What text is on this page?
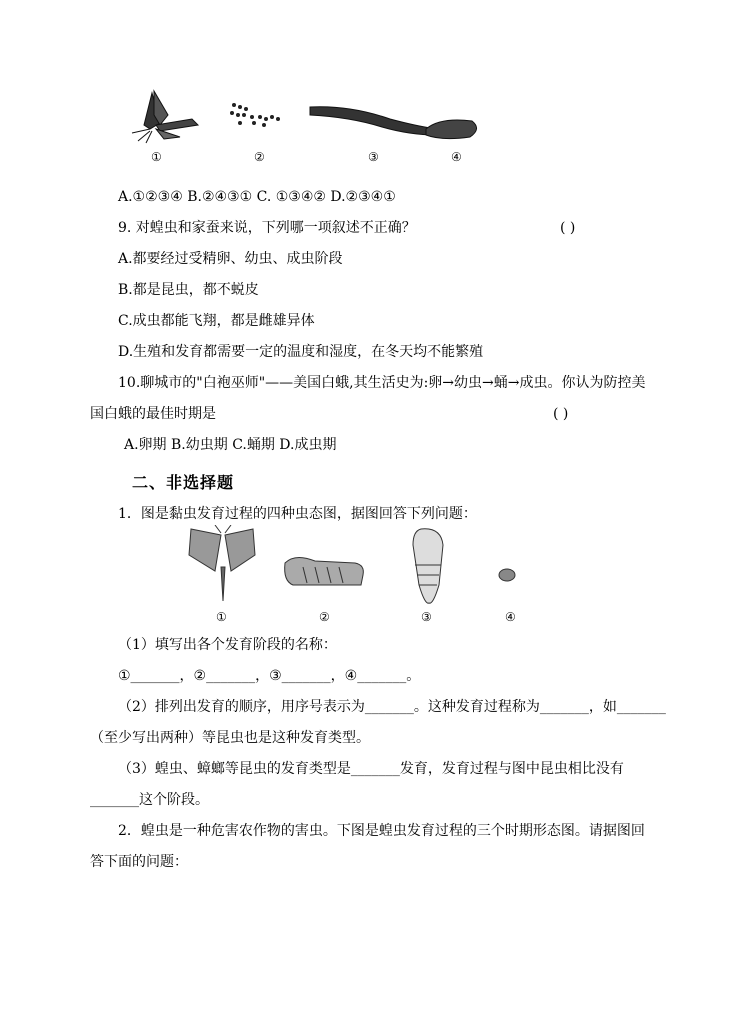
①	②	③	④
A.①②③④ B.②④③① C. ①③④② D.②③④①
9. 对蝗虫和家蚕来说，下列哪一项叙述不正确？	( )
A.都要经过受精卵、幼虫、成虫阶段
B.都是昆虫，都不蜕皮
C.成虫都能飞翔，都是雌雄异体
D.生殖和发育都需要一定的温度和湿度，在冬天均不能繁殖
10.聊城市的"白袍巫师"——美国白蛾,其生活史为:卵→幼虫→蛹→成虫。你认为防控美
国白蛾的最佳时期是	( )
A.卵期 B.幼虫期 C.蛹期 D.成虫期
二、非选择题
1．图是黏虫发育过程的四种虫态图，据图回答下列问题：
①	②	③	④
（1）填写出各个发育阶段的名称：
①_______，②_______，③_______，④_______。
（2）排列出发育的顺序，用序号表示为_______。这种发育过程称为_______，如_______
（至少写出两种）等昆虫也是这种发育类型。
（3）蝗虫、蟑螂等昆虫的发育类型是_______发育，发育过程与图中昆虫相比没有
_______这个阶段。
2．蝗虫是一种危害农作物的害虫。下图是蝗虫发育过程的三个时期形态图。请据图回
答下面的问题：
